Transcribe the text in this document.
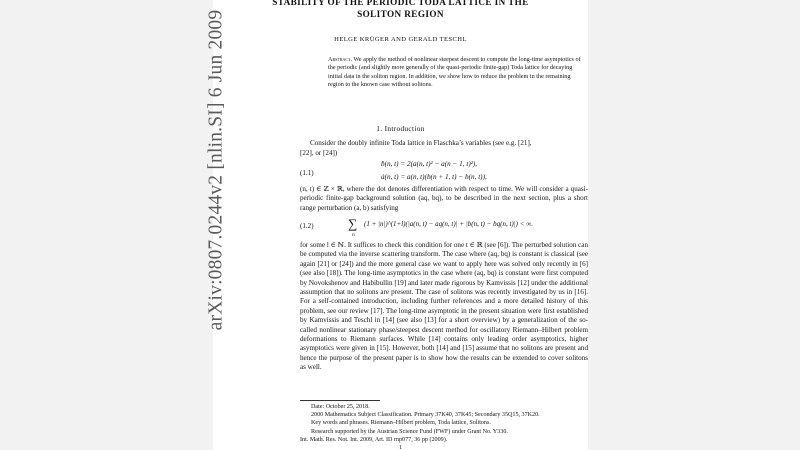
STABILITY OF THE PERIODIC TODA LATTICE IN THE
SOLITON REGION
HELGE KRÜGER AND GERALD TESCHL
Abstract. We apply the method of nonlinear steepest descent to compute the long-time asymptotics of the periodic (and slightly more generally of the quasi-periodic finite-gap) Toda lattice for decaying initial data in the soliton region. In addition, we show how to reduce the problem in the remaining region to the known case without solitons.
1. Introduction
Consider the doubly infinite Toda lattice in Flaschka’s variables (see e.g. [21],
[22], or [24])
(1.1)
ḃ(n, t) = 2(a(n, t)² − a(n − 1, t)²),
ȧ(n, t) = a(n, t)(b(n + 1, t) − b(n, t)),
(n, t) ∈ ℤ × ℝ, where the dot denotes differentiation with respect to time. We will consider a quasi-periodic finite-gap background solution (aq, bq), to be described in the next section, plus a short range perturbation (a, b) satisfying
(1.2)	∑
n
(1 + |n|)^(1+l)(|a(n, t) − aq(n, t)| + |b(n, t) − bq(n, t)|) < ∞.
for some l ∈ ℕ. It suffices to check this condition for one t ∈ ℝ (see [6]). The perturbed solution can be computed via the inverse scattering transform. The case where (aq, bq) is constant is classical (see again [21] or [24]) and the more general case we want to apply here was solved only recently in [6] (see also [18]). The long-time asymptotics in the case where (aq, bq) is constant were first computed by Novokshenov and Habibullin [19] and later made rigorous by Kamvissis [12] under the additional assumption that no solitons are present. The case of solitons was recently investigated by us in [16]. For a self-contained introduction, including further references and a more detailed history of this problem, see our review [17]. The long-time asymptotic in the present situation were first established by Kamvissis and Teschl in [14] (see also [13] for a short overview) by a generalization of the so-called nonlinear stationary phase/steepest descent method for oscillatory Riemann–Hilbert problem deformations to Riemann surfaces. While [14] contains only leading order asymptotics, higher asymptotics were given in [15]. However, both [14] and [15] assume that no solitons are present and hence the purpose of the present paper is to show how the results can be extended to cover solitons as well.
Date: October 25, 2018.
2000 Mathematics Subject Classification. Primary 37K40, 37K45; Secondary 35Q15, 37K20.
Key words and phrases. Riemann–Hilbert problem, Toda lattice, Solitons.
Research supported by the Austrian Science Fund (FWF) under Grant No. Y330.
Int. Math. Res. Not. Int. 2009, Art. ID rnp077, 36 pp (2009).
1
arXiv:0807.0244v2 [nlin.SI] 6 Jun 2009
